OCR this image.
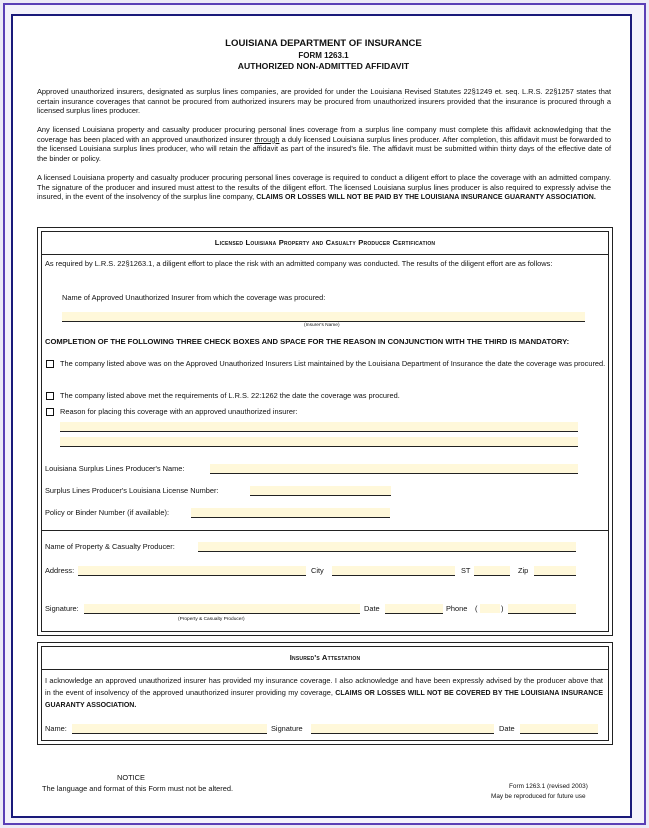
LOUISIANA DEPARTMENT OF INSURANCE
FORM 1263.1
AUTHORIZED NON-ADMITTED AFFIDAVIT
Approved unauthorized insurers, designated as surplus lines companies, are provided for under the Louisiana Revised Statutes 22§1249 et. seq. L.R.S. 22§1257 states that certain insurance coverages that cannot be procured from authorized insurers may be procured from unauthorized insurers provided that the insurance is procured through a licensed surplus lines producer.
Any licensed Louisiana property and casualty producer procuring personal lines coverage from a surplus line company must complete this affidavit acknowledging that the coverage has been placed with an approved unauthorized insurer through a duly licensed Louisiana surplus lines producer. After completion, this affidavit must be forwarded to the licensed Louisiana surplus lines producer, who will retain the affidavit as part of the insured's file. The affidavit must be submitted within thirty days of the effective date of the binder or policy.
A licensed Louisiana property and casualty producer procuring personal lines coverage is required to conduct a diligent effort to place the coverage with an admitted company. The signature of the producer and insured must attest to the results of the diligent effort. The licensed Louisiana surplus lines producer is also required to expressly advise the insured, in the event of the insolvency of the surplus line company, CLAIMS OR LOSSES WILL NOT BE PAID BY THE LOUISIANA INSURANCE GUARANTY ASSOCIATION.
Licensed Louisiana Property and Casualty Producer Certification
As required by L.R.S. 22§1263.1, a diligent effort to place the risk with an admitted company was conducted. The results of the diligent effort are as follows:
Name of Approved Unauthorized Insurer from which the coverage was procured:
(Insurer's Name)
COMPLETION OF THE FOLLOWING THREE CHECK BOXES AND SPACE FOR THE REASON IN CONJUNCTION WITH THE THIRD IS MANDATORY:
The company listed above was on the Approved Unauthorized Insurers List maintained by the Louisiana Department of Insurance the date the coverage was procured.
The company listed above met the requirements of L.R.S. 22:1262 the date the coverage was procured.
Reason for placing this coverage with an approved unauthorized insurer:
Louisiana Surplus Lines Producer's Name:
Surplus Lines Producer's Louisiana License Number:
Policy or Binder Number (if available):
Name of Property & Casualty Producer:
Address:	City	ST	Zip
Signature:
(Property & Casualty Producer)
Date	Phone (	)
Insured's Attestation
I acknowledge an approved unauthorized insurer has provided my insurance coverage. I also acknowledge and have been expressly advised by the producer above that in the event of insolvency of the approved unauthorized insurer providing my coverage, CLAIMS OR LOSSES WILL NOT BE COVERED BY THE LOUISIANA INSURANCE GUARANTY ASSOCIATION.
Name:	Signature	Date
NOTICE
The language and format of this Form must not be altered.	Form 1263.1 (revised 2003)
May be reproduced for future use
